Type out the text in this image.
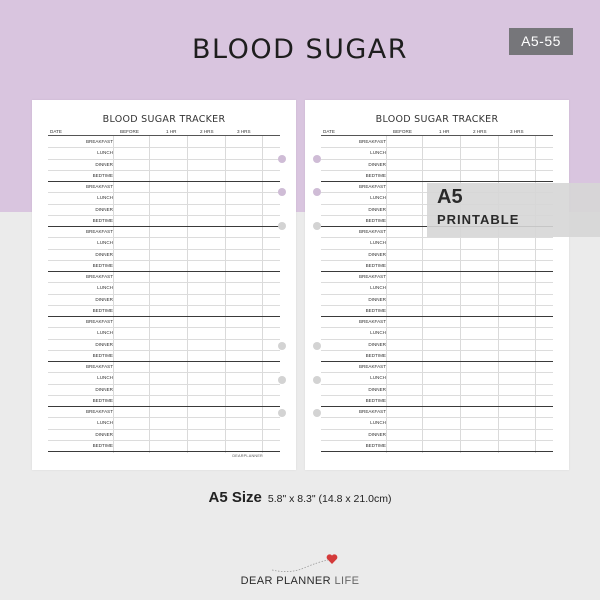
BLOOD SUGAR	A5-55
BLOOD SUGAR TRACKER
DATE	BEFORE	1 HR	2 HRS	3 HRS
BREAKFAST
LUNCH
DINNER
BEDTIME
BREAKFAST
LUNCH
DINNER
BEDTIME
BREAKFAST
LUNCH
DINNER
BEDTIME
BREAKFAST
LUNCH
DINNER
BEDTIME
BREAKFAST
LUNCH
DINNER
BEDTIME
BREAKFAST
LUNCH
DINNER
BEDTIME
BREAKFAST
LUNCH
DINNER
BEDTIME
DEARPLANNER
BLOOD SUGAR TRACKER
DATE	BEFORE	1 HR	2 HRS	3 HRS
BREAKFAST
LUNCH
DINNER
BEDTIME
BREAKFAST
LUNCH
DINNER
BEDTIME
BREAKFAST
LUNCH
DINNER
BEDTIME
BREAKFAST
LUNCH
DINNER
BEDTIME
BREAKFAST
LUNCH
DINNER
BEDTIME
BREAKFAST
LUNCH
DINNER
BEDTIME
BREAKFAST
LUNCH
DINNER
BEDTIME
A5
PRINTABLE
A5 Size 5.8" x 8.3" (14.8 x 21.0cm)
DEAR PLANNER LIFE
